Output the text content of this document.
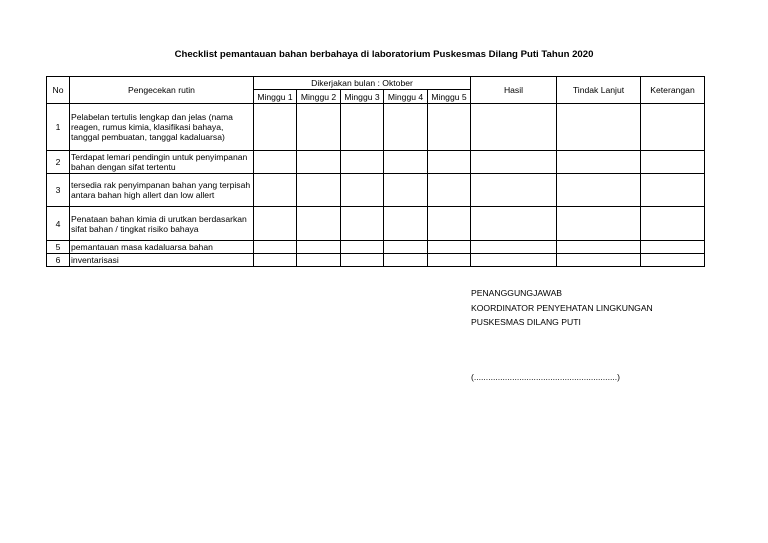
Checklist pemantauan bahan berbahaya di laboratorium Puskesmas Dilang Puti Tahun 2020
No	Pengecekan rutin	Dikerjakan bulan : Oktober					Hasil	Tindak Lanjut	Keterangan
		Minggu 1	Minggu 2	Minggu 3	Minggu 4	Minggu 5			
1	Pelabelan tertulis lengkap dan jelas (nama reagen, rumus kimia, klasifikasi bahaya, tanggal pembuatan, tanggal kadaluarsa)								
2	Terdapat lemari pendingin untuk penyimpanan bahan dengan sifat tertentu								
3	tersedia rak penyimpanan bahan yang terpisah antara bahan high allert dan low allert								
4	Penataan bahan kimia di urutkan berdasarkan sifat bahan / tingkat risiko bahaya								
5	pemantauan masa kadaluarsa bahan								
6	inventarisasi								
PENANGGUNGJAWAB
KOORDINATOR PENYEHATAN LINGKUNGAN
PUSKESMAS DILANG PUTI
(............................................................)
